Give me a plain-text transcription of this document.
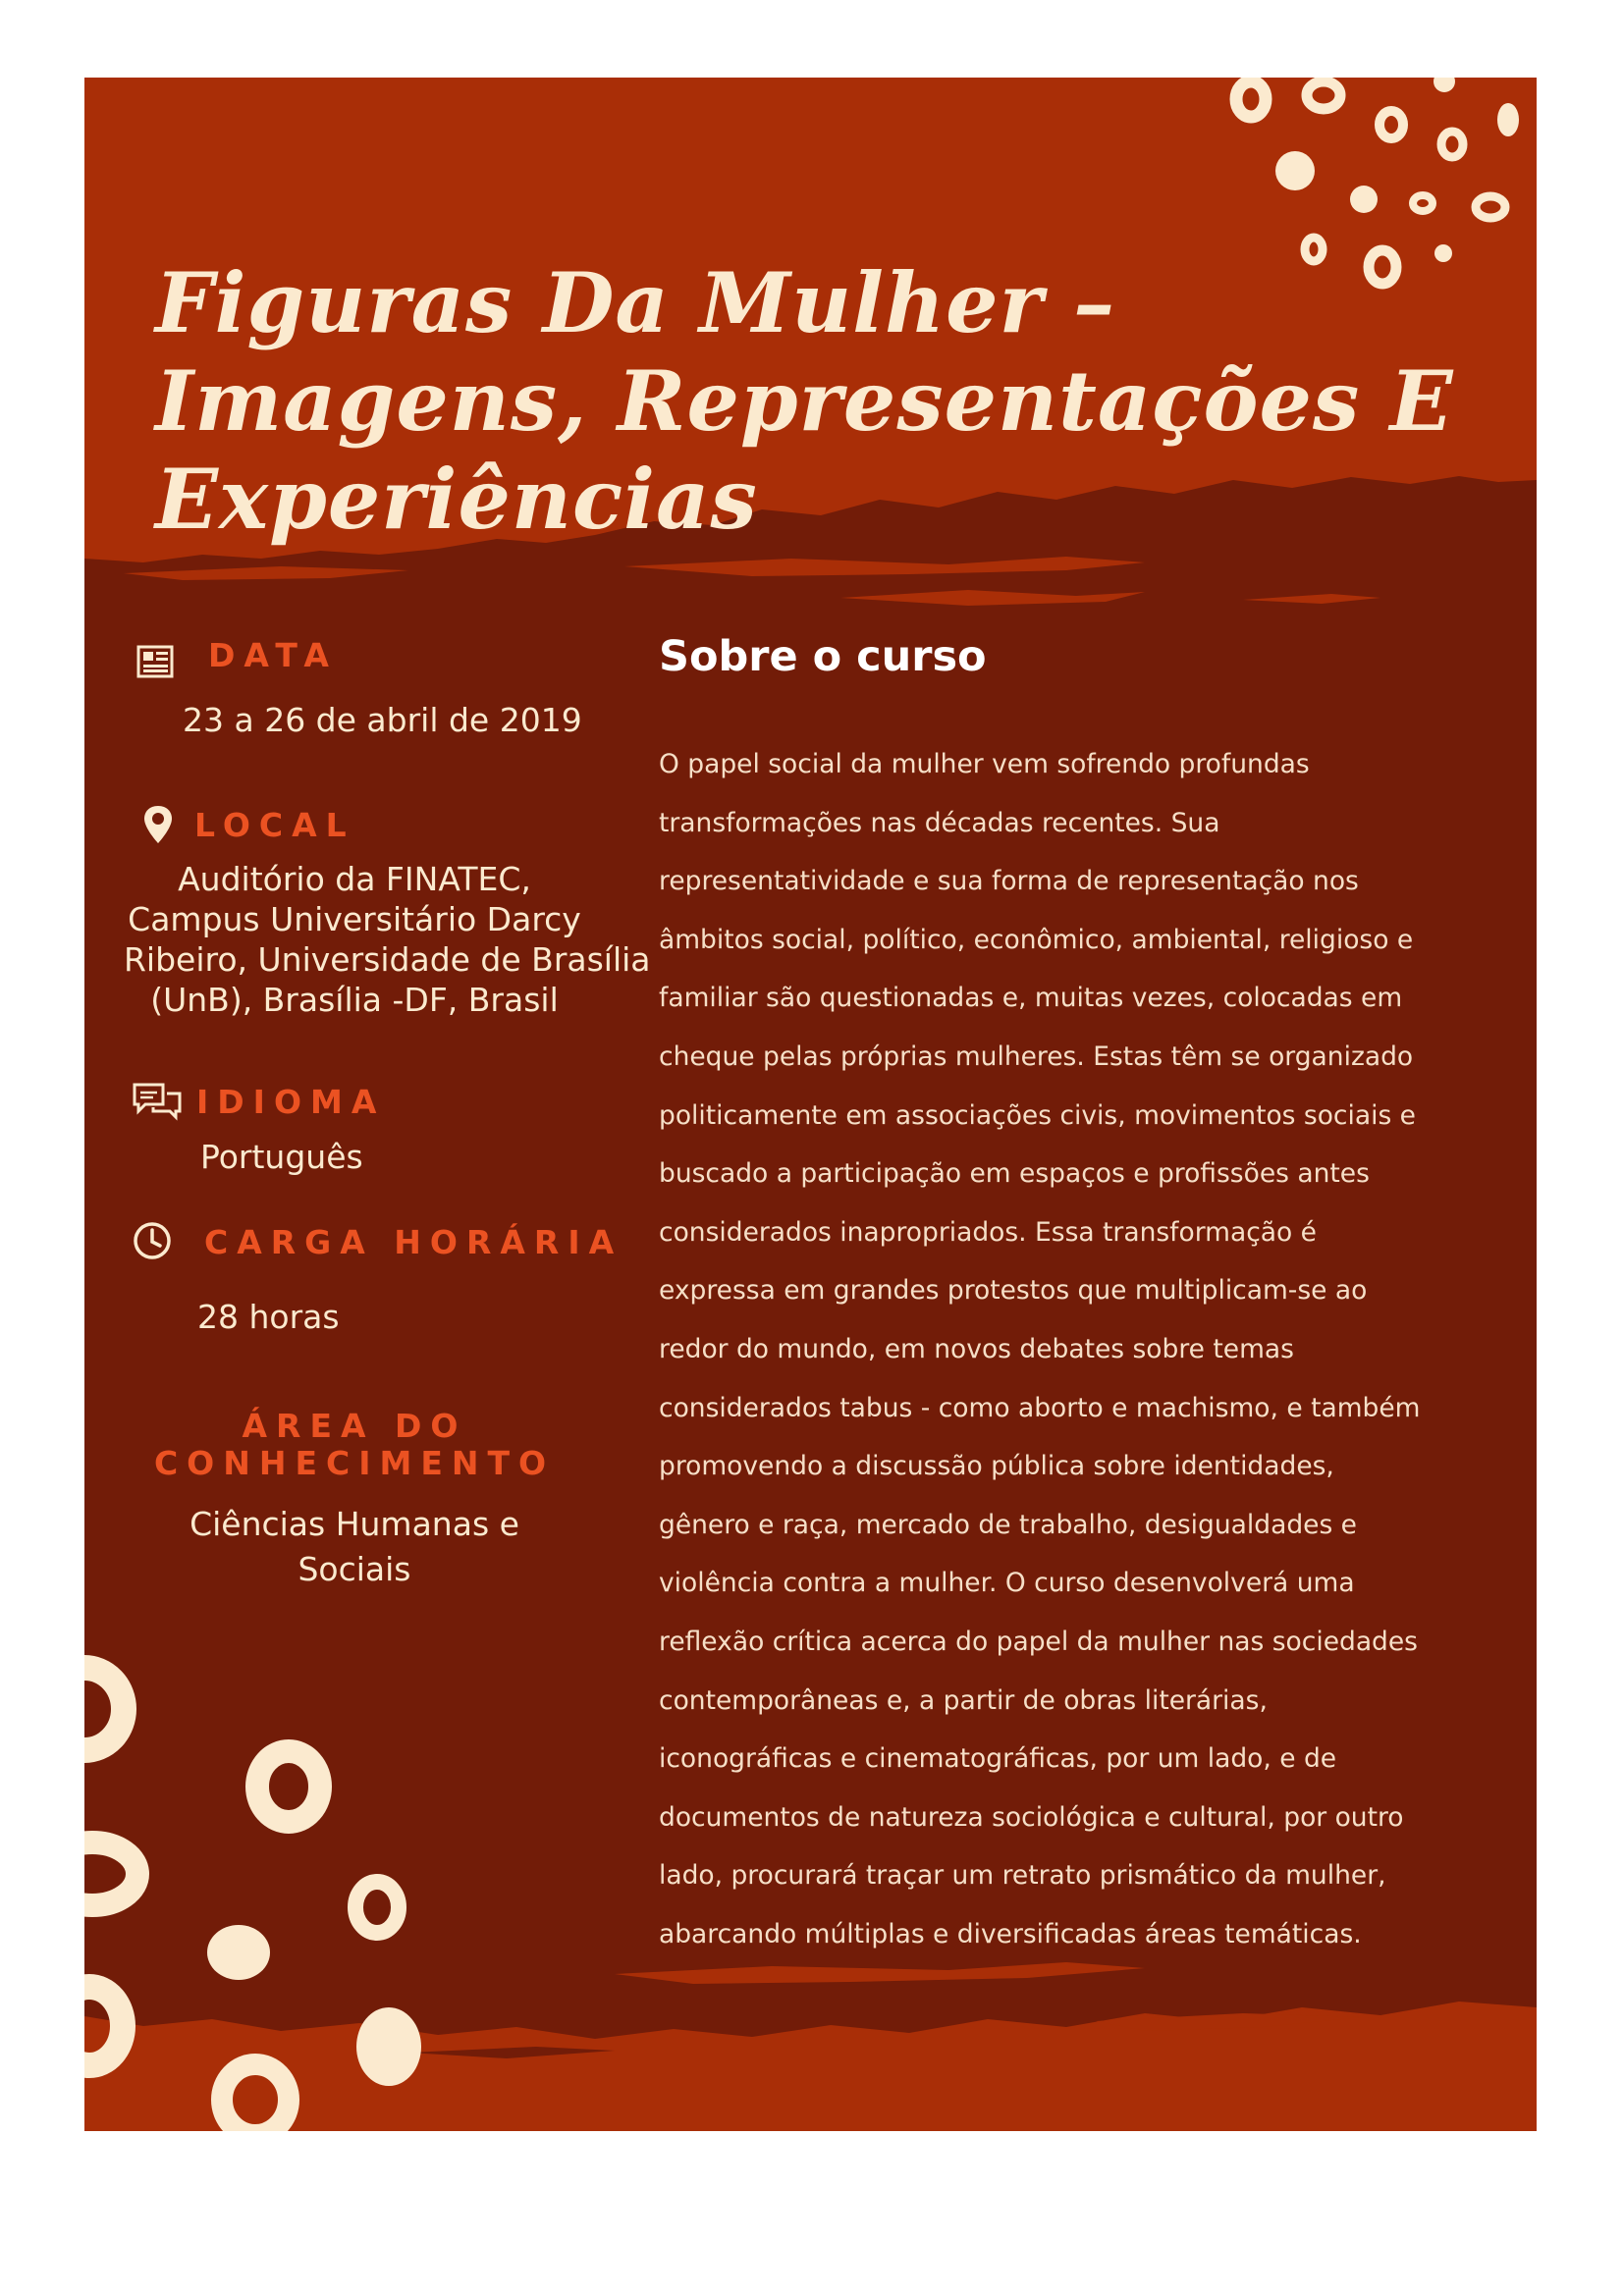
Figuras Da Mulher –
Imagens, Representações E
Experiências
DATA
23 a 26 de abril de 2019
LOCAL
Auditório da FINATEC,
Campus Universitário Darcy
Ribeiro, Universidade de Brasília
(UnB), Brasília -DF, Brasil
IDIOMA
Português
CARGA HORÁRIA
28 horas
ÁREA DO
CONHECIMENTO
Ciências Humanas e
Sociais
Sobre o curso

O papel social da mulher vem sofrendo profundas
transformações nas décadas recentes. Sua
representatividade e sua forma de representação nos
âmbitos social, político, econômico, ambiental, religioso e
familiar são questionadas e, muitas vezes, colocadas em
cheque pelas próprias mulheres. Estas têm se organizado
politicamente em associações civis, movimentos sociais e
buscado a participação em espaços e profissões antes
considerados inapropriados. Essa transformação é
expressa em grandes protestos que multiplicam-se ao
redor do mundo, em novos debates sobre temas
considerados tabus - como aborto e machismo, e também
promovendo a discussão pública sobre identidades,
gênero e raça, mercado de trabalho, desigualdades e
violência contra a mulher. O curso desenvolverá uma
reflexão crítica acerca do papel da mulher nas sociedades
contemporâneas e, a partir de obras literárias,
iconográficas e cinematográficas, por um lado, e de
documentos de natureza sociológica e cultural, por outro
lado, procurará traçar um retrato prismático da mulher,
abarcando múltiplas e diversificadas áreas temáticas.
